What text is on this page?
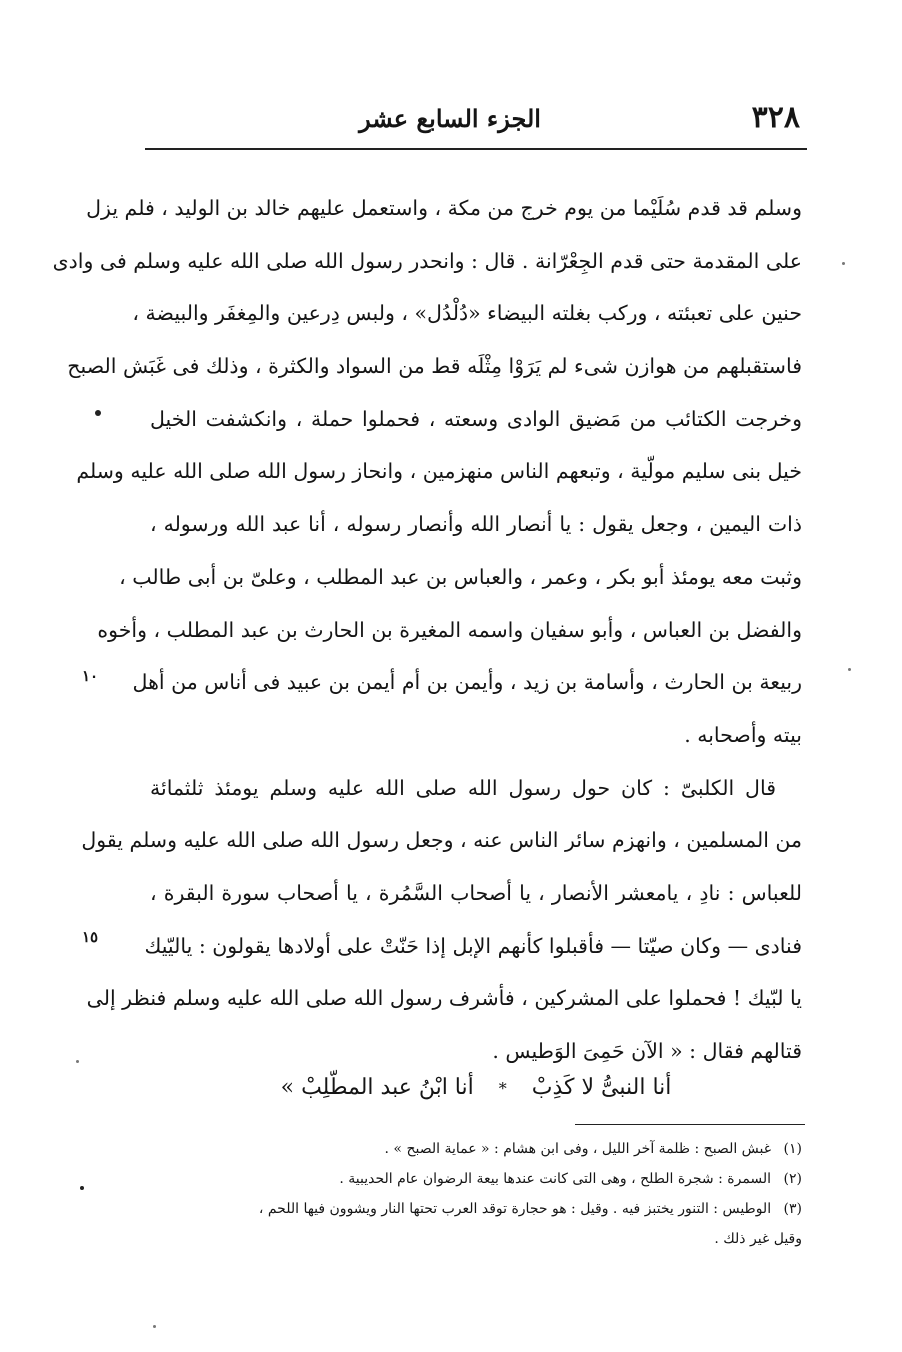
٣٢٨
الجزء السابع عشر
وسلم قد قدم سُلَيْما من يوم خرج من مكة ، واستعمل عليهم خالد بن الوليد ، فلم يزل
على المقدمة حتى قدم الجِعْرّانة . قال : وانحدر رسول الله صلى الله عليه وسلم فى وادى
حنين على تعبئته ، وركب بغلته البيضاء «دُلْدُل» ، ولبس دِرعين والمِغفَر والبيضة ،
فاستقبلهم من هوازن شىء لم يَرَوْا مِثْلَه قط من السواد والكثرة ، وذلك فى غَبَش الصبح
وخرجت الكتائب من مَضيق الوادى وسعته ، فحملوا حملة ، وانكشفت الخيل
خيل بنى سليم مولّية ، وتبعهم الناس منهزمين ، وانحاز رسول الله صلى الله عليه وسلم
ذات اليمين ، وجعل يقول : يا أنصار الله وأنصار رسوله ، أنا عبد الله ورسوله ،
وثبت معه يومئذ أبو بكر ، وعمر ، والعباس بن عبد المطلب ، وعلىّ بن أبى طالب ،
والفضل بن العباس ، وأبو سفيان واسمه المغيرة بن الحارث بن عبد المطلب ، وأخوه
ربيعة بن الحارث ، وأسامة بن زيد ، وأيمن بن أم أيمن بن عبيد فى أناس من أهل
بيته وأصحابه .
قال الكلبىّ : كان حول رسول الله صلى الله عليه وسلم يومئذ ثلثمائة
من المسلمين ، وانهزم سائر الناس عنه ، وجعل رسول الله صلى الله عليه وسلم يقول
للعباس : نادِ ، يامعشر الأنصار ، يا أصحاب السَّمُرة ، يا أصحاب سورة البقرة ،
فنادى — وكان صيّتا — فأقبلوا كأنهم الإبل إذا حَنّتْ على أولادها يقولون : ياليّيك
يا لبّيك ! فحملوا على المشركين ، فأشرف رسول الله صلى الله عليه وسلم فنظر إلى
قتالهم فقال : « الآن حَمِىَ الوَطيس .
أنا النبىُّ لا كَذِبْ * أنا ابْنُ عبد المطّلِبْ »
(١) غبش الصبح : ظلمة آخر الليل ، وفى ابن هشام : « عماية الصبح » .
(٢) السمرة : شجرة الطلح ، وهى التى كانت عندها بيعة الرضوان عام الحديبية .
(٣) الوطيس : التنور يختبز فيه . وقيل : هو حجارة توقد العرب تحتها النار ويشوون فيها اللحم ،
وقيل غير ذلك .
١٠
١٥
